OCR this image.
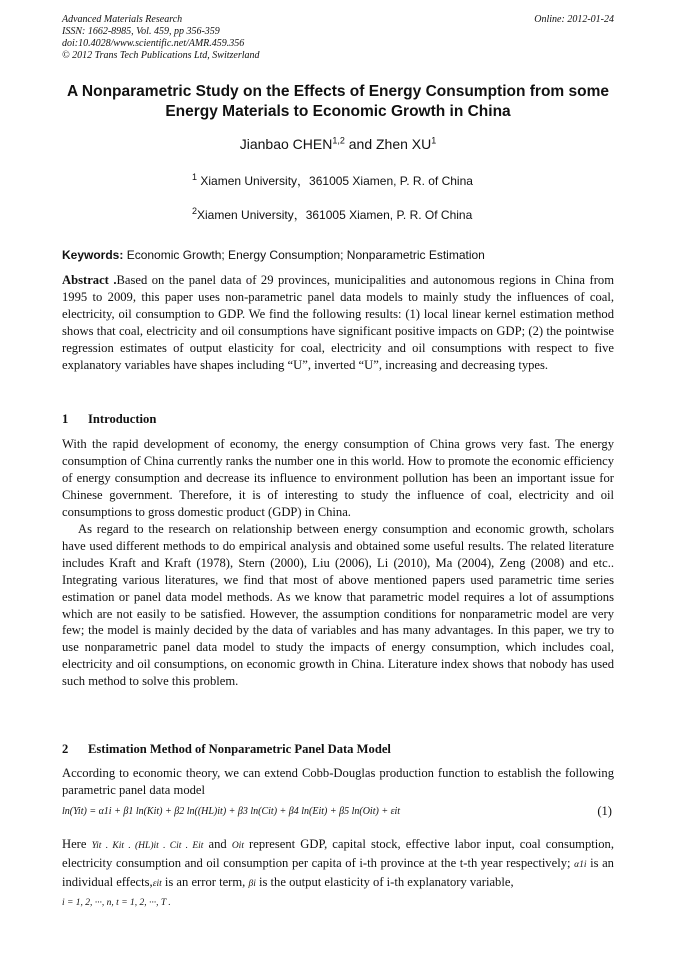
Advanced Materials Research
ISSN: 1662-8985, Vol. 459, pp 356-359
doi:10.4028/www.scientific.net/AMR.459.356
© 2012 Trans Tech Publications Ltd, Switzerland
Online: 2012-01-24
A Nonparametric Study on the Effects of Energy Consumption from some Energy Materials to Economic Growth in China
Jianbao CHEN$^{1,2}$ and Zhen $XU^1$
$^1$ Xiamen University，361005 Xiamen, P. R. of China
$^2$Xiamen University，361005 Xiamen, P. R. Of China
Keywords: Economic Growth; Energy Consumption; Nonparametric Estimation

Abstract .Based on the panel data of 29 provinces, municipalities and autonomous regions in China from 1995 to 2009, this paper uses non-parametric panel data models to mainly study the influences of coal, electricity, oil consumption to GDP. We find the following results: (1) local linear kernel estimation method shows that coal, electricity and oil consumptions have significant positive impacts on GDP; (2) the pointwise regression estimates of output elasticity for coal, electricity and oil consumptions with respect to five explanatory variables have shapes including “U”, inverted “U”, increasing and decreasing types.

1 Introduction

With the rapid development of economy, the energy consumption of China grows very fast. The energy consumption of China currently ranks the number one in this world. How to promote the economic efficiency of energy consumption and decrease its influence to environment pollution has been an important issue for Chinese government. Therefore, it is of interesting to study the influence of coal, electricity and oil consumptions to gross domestic product (GDP) in China.

As regard to the research on relationship between energy consumption and economic growth, scholars have used different methods to do empirical analysis and obtained some useful results. The related literature includes Kraft and Kraft (1978), Stern (2000), Liu (2006), Li (2010), Ma (2004), Zeng (2008) and etc.. Integrating various literatures, we find that most of above mentioned papers used parametric time series estimation or panel data model methods. As we know that parametric model requires a lot of assumptions which are not easily to be satisfied. However, the assumption conditions for nonparametric model are very few; the model is mainly decided by the data of variables and has many advantages. In this paper, we try to use nonparametric panel data model to study the impacts of energy consumption, which includes coal, electricity and oil consumptions, on economic growth in China. Literature index shows that nobody has used such method to solve this problem.

2 Estimation Method of Nonparametric Panel Data Model

According to economic theory, we can extend Cobb-Douglas production function to establish the following parametric panel data model

ln(Yit) = α1i + β1 ln(Kit) + β2 ln((HL)it) + β3 ln(Cit) + β4 ln(Eit) + β5 ln(Oit) + εit	(1)

Here Yit . Kit . (HL)it . Cit . Eit and Oit represent GDP, capital stock, effective labor input, coal consumption, electricity consumption and oil consumption per capita of i-th province at the t-th year respectively; α1i is an individual effects,εit is an error term, βi is the output elasticity of i-th explanatory variable,
i = 1, 2, ···, n, t = 1, 2, ···, T .
